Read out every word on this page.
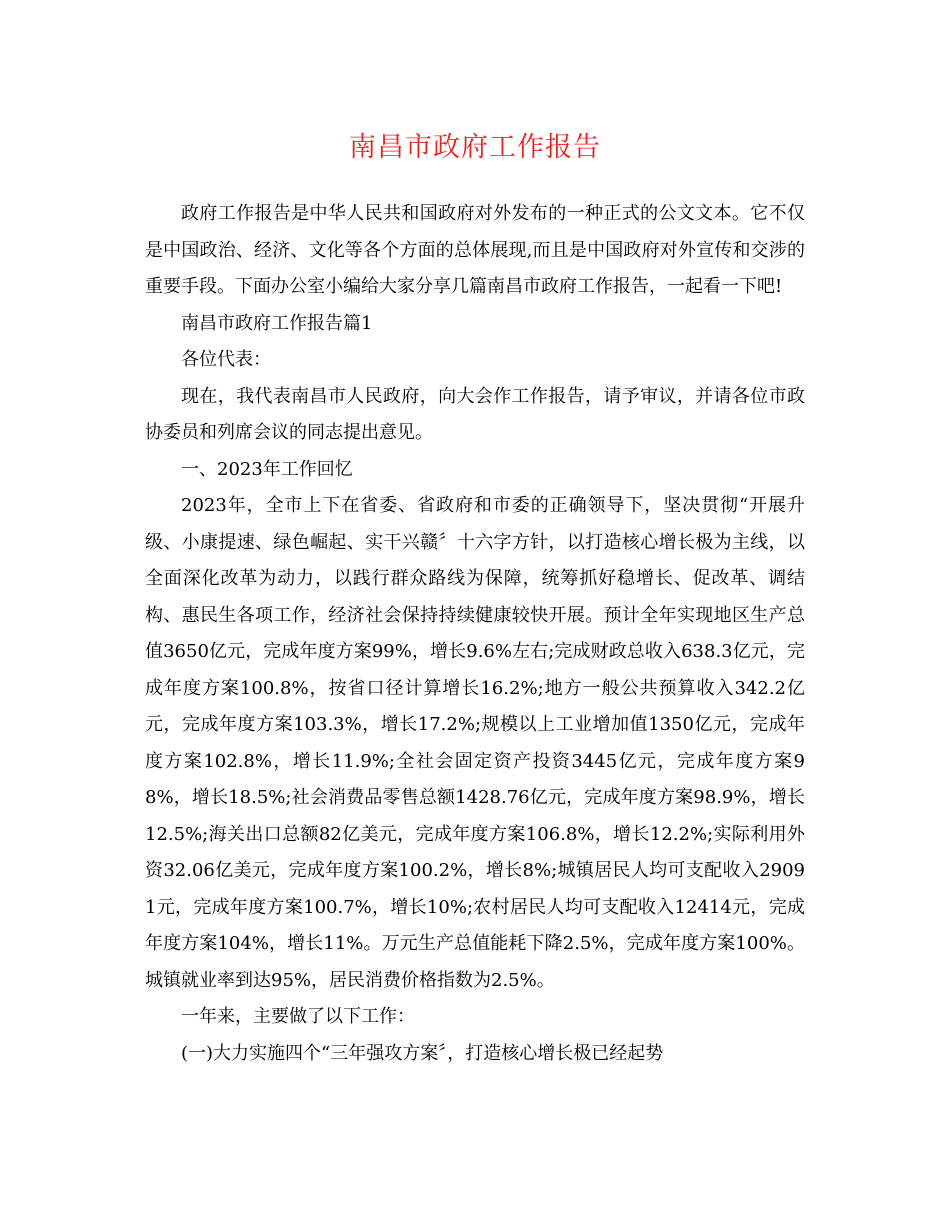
南昌市政府工作报告

政府工作报告是中华人民共和国政府对外发布的一种正式的公文文本。它不仅是中国政治、经济、文化等各个方面的总体展现,而且是中国政府对外宣传和交涉的重要手段。下面办公室小编给大家分享几篇南昌市政府工作报告，一起看一下吧!

南昌市政府工作报告篇1

各位代表：

现在，我代表南昌市人民政府，向大会作工作报告，请予审议，并请各位市政协委员和列席会议的同志提出意见。

一、2023年工作回忆

2023年，全市上下在省委、省政府和市委的正确领导下，坚决贯彻“开展升级、小康提速、绿色崛起、实干兴赣〞十六字方针，以打造核心增长极为主线，以全面深化改革为动力，以践行群众路线为保障，统筹抓好稳增长、促改革、调结构、惠民生各项工作，经济社会保持持续健康较快开展。预计全年实现地区生产总值3650亿元，完成年度方案99%，增长9.6%左右;完成财政总收入638.3亿元，完成年度方案100.8%，按省口径计算增长16.2%;地方一般公共预算收入342.2亿元，完成年度方案103.3%，增长17.2%;规模以上工业增加值1350亿元，完成年度方案102.8%，增长11.9%;全社会固定资产投资3445亿元，完成年度方案98%，增长18.5%;社会消费品零售总额1428.76亿元，完成年度方案98.9%，增长12.5%;海关出口总额82亿美元，完成年度方案106.8%，增长12.2%;实际利用外资32.06亿美元，完成年度方案100.2%，增长8%;城镇居民人均可支配收入29091元，完成年度方案100.7%，增长10%;农村居民人均可支配收入12414元，完成年度方案104%，增长11%。万元生产总值能耗下降2.5%，完成年度方案100%。城镇就业率到达95%，居民消费价格指数为2.5%。

一年来，主要做了以下工作：

(一)大力实施四个“三年强攻方案〞，打造核心增长极已经起势
